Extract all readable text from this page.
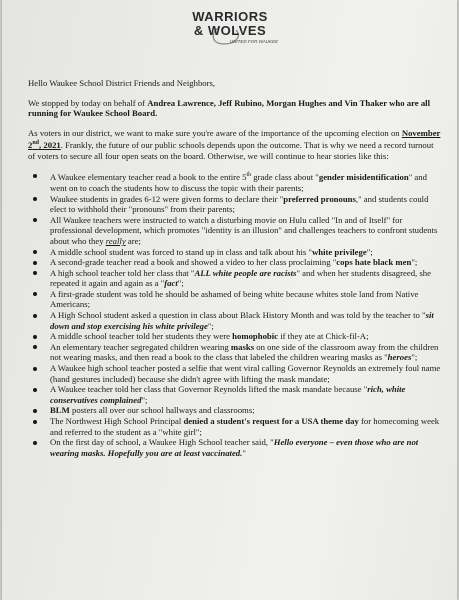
WARRIORS
& WOLVES
UNITED FOR WAUKEE

Hello Waukee School District Friends and Neighbors,

We stopped by today on behalf of Andrea Lawrence, Jeff Rubino, Morgan Hughes and Vin Thaker who are all running for Waukee School Board.

As voters in our district, we want to make sure you're aware of the importance of the upcoming election on November 2nd, 2021. Frankly, the future of our public schools depends upon the outcome. That is why we need a record turnout of voters to secure all four open seats on the board. Otherwise, we will continue to hear stories like this:

A Waukee elementary teacher read a book to the entire 5th grade class about "gender misidentification" and went on to coach the students how to discuss the topic with their parents;
Waukee students in grades 6-12 were given forms to declare their "preferred pronouns," and students could elect to withhold their "pronouns" from their parents;
All Waukee teachers were instructed to watch a disturbing movie on Hulu called "In and of Itself" for professional development, which promotes "identity is an illusion" and challenges teachers to confront students about who they really are;
A middle school student was forced to stand up in class and talk about his "white privilege";
A second-grade teacher read a book and showed a video to her class proclaiming "cops hate black men";
A high school teacher told her class that "ALL white people are racists" and when her students disagreed, she repeated it again and again as a "fact";
A first-grade student was told he should be ashamed of being white because whites stole land from Native Americans;
A High School student asked a question in class about Black History Month and was told by the teacher to "sit down and stop exercising his white privilege";
A middle school teacher told her students they were homophobic if they ate at Chick-fil-A;
An elementary teacher segregated children wearing masks on one side of the classroom away from the children not wearing masks, and then read a book to the class that labeled the children wearing masks as "heroes";
A Waukee high school teacher posted a selfie that went viral calling Governor Reynolds an extremely foul name (hand gestures included) because she didn't agree with lifting the mask mandate;
A Waukee teacher told her class that Governor Reynolds lifted the mask mandate because "rich, white conservatives complained";
BLM posters all over our school hallways and classrooms;
The Northwest High School Principal denied a student's request for a USA theme day for homecoming week and referred to the student as a "white girl";
On the first day of school, a Waukee High School teacher said, "Hello everyone – even those who are not wearing masks. Hopefully you are at least vaccinated."
